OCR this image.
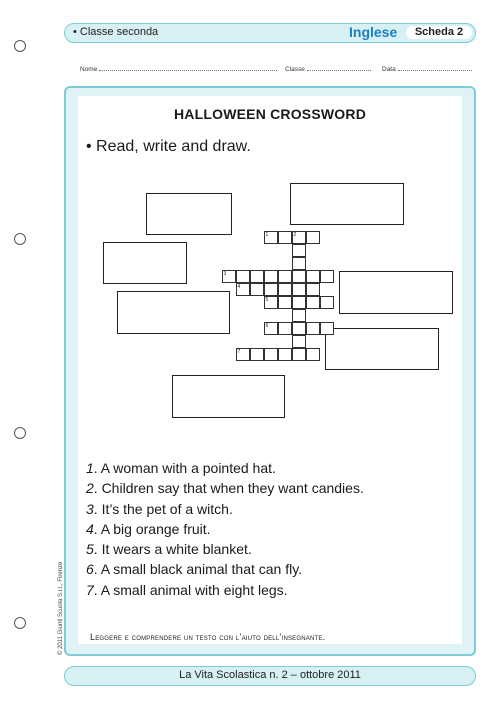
• Classe seconda	Inglese	Scheda 2
Nome	Classe	Data
HALLOWEEN CROSSWORD
• Read, write and draw.
1
3
4
5
6
7
2
1. A woman with a pointed hat.
2. Children say that when they want candies.
3. It’s the pet of a witch.
4. A big orange fruit.
5. It wears a white blanket.
6. A small black animal that can fly.
7. A small animal with eight legs.
Leggere e comprendere un testo con l’aiuto dell’insegnante.
© 2011 Giunti Scuola S.r.l., Firenze
La Vita Scolastica n. 2 – ottobre 2011
